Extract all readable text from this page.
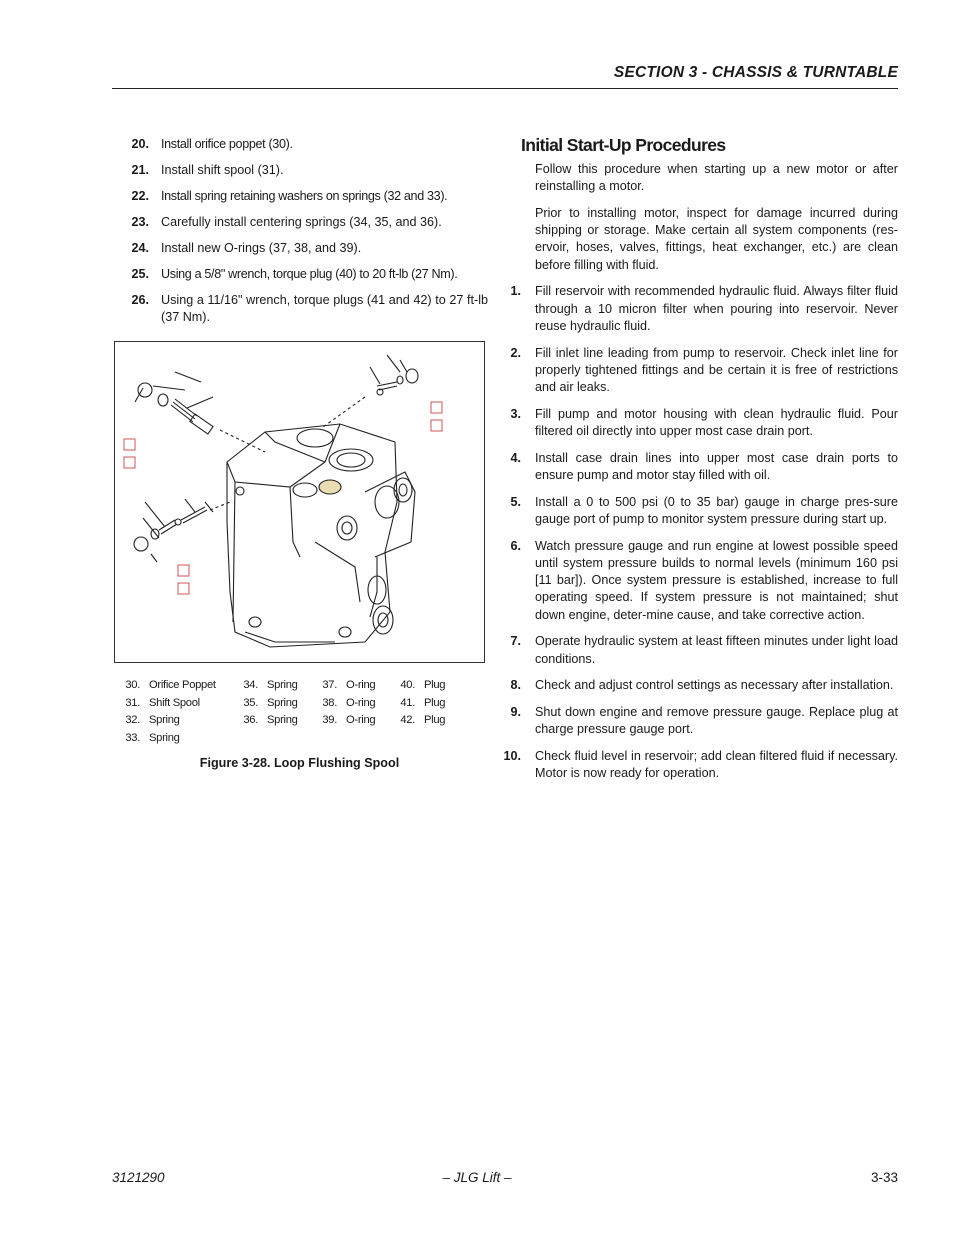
SECTION 3 - CHASSIS & TURNTABLE
20. Install orifice poppet (30).
21. Install shift spool (31).
22. Install spring retaining washers on springs (32 and 33).
23. Carefully install centering springs (34, 35, and 36).
24. Install new O-rings (37, 38, and 39).
25. Using a 5/8" wrench, torque plug (40) to 20 ft-lb (27 Nm).
26. Using a 11/16" wrench, torque plugs (41 and 42) to 27 ft-lb (37 Nm).
30. Orifice Poppet
31. Shift Spool
32. Spring
33. Spring
34. Spring
35. Spring
36. Spring
37. O-ring
38. O-ring
39. O-ring
40. Plug
41. Plug
42. Plug
Figure 3-28. Loop Flushing Spool
Initial Start-Up Procedures

Follow this procedure when starting up a new motor or after reinstalling a motor.

Prior to installing motor, inspect for damage incurred during shipping or storage. Make certain all system components (res-ervoir, hoses, valves, fittings, heat exchanger, etc.) are clean before filling with fluid.

1.	Fill reservoir with recommended hydraulic fluid. Always filter fluid through a 10 micron filter when pouring into reservoir. Never reuse hydraulic fluid.
2.	Fill inlet line leading from pump to reservoir. Check inlet line for properly tightened fittings and be certain it is free of restrictions and air leaks.
3.	Fill pump and motor housing with clean hydraulic fluid. Pour filtered oil directly into upper most case drain port.
4.	Install case drain lines into upper most case drain ports to ensure pump and motor stay filled with oil.
5.	Install a 0 to 500 psi (0 to 35 bar) gauge in charge pres-sure gauge port of pump to monitor system pressure during start up.
6.	Watch pressure gauge and run engine at lowest possible speed until system pressure builds to normal levels (minimum 160 psi [11 bar]). Once system pressure is established, increase to full operating speed. If system pressure is not maintained; shut down engine, deter-mine cause, and take corrective action.
7.	Operate hydraulic system at least fifteen minutes under light load conditions.
8.	Check and adjust control settings as necessary after installation.
9.	Shut down engine and remove pressure gauge. Replace plug at charge pressure gauge port.
10.	Check fluid level in reservoir; add clean filtered fluid if necessary. Motor is now ready for operation.
3121290	– JLG Lift –	3-33
